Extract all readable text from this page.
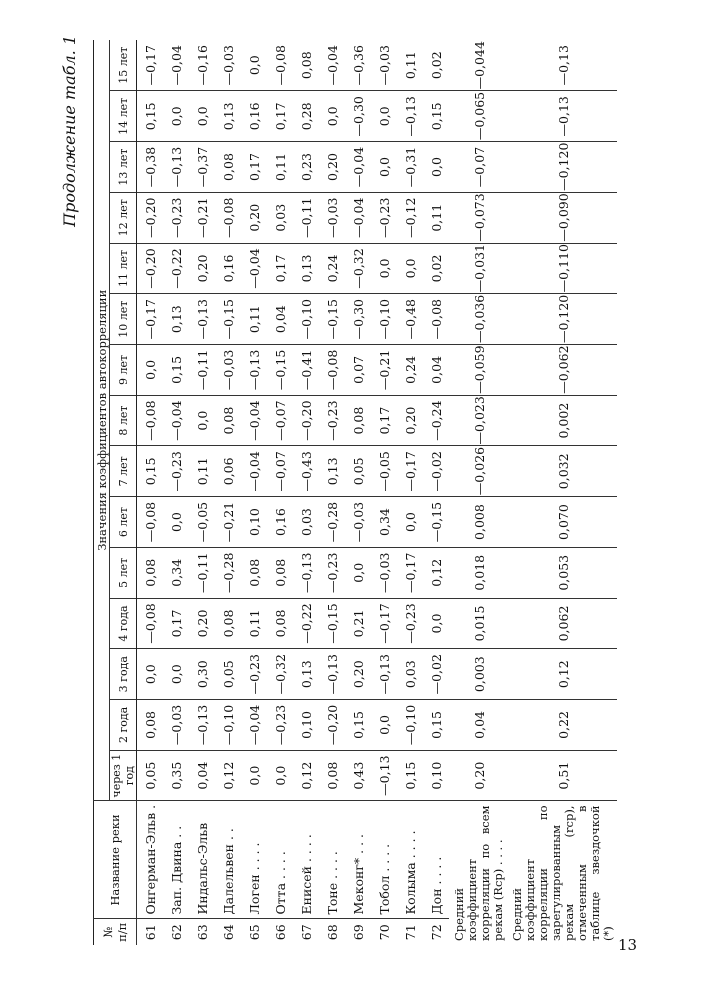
Продолжение табл. 1
№ п/п	Название реки	Значения коэффициентов автокорреляции														
		через 1 год	2 года	3 года	4 года	5 лет	6 лет	7 лет	8 лет	9 лет	10 лет	11 лет	12 лет	13 лет	14 лет	15 лет
61	Онгерман-Эльв .	0,05	0,08	0,0	—0,08	0,08	—0,08	0,15	—0,08	0,0	—0,17	—0,20	—0,20	—0,38	0,15	—0,17
62	Зап. Двина . .	0,35	—0,03	0,0	0,17	0,34	0,0	—0,23	—0,04	0,15	0,13	—0,22	—0,23	—0,13	0,0	—0,04
63	Индальс-Эльв	0,04	—0,13	0,30	0,20	—0,11	—0,05	0,11	0,0	—0,11	—0,13	0,20	—0,21	—0,37	0,0	—0,16
64	Далельвен . .	0,12	—0,10	0,05	0,08	—0,28	—0,21	0,06	0,08	—0,03	—0,15	0,16	—0,08	0,08	0,13	—0,03
65	Логен . . . .	0,0	—0,04	—0,23	0,11	0,08	0,10	—0,04	—0,04	—0,13	0,11	—0,04	0,20	0,17	0,16	0,0
66	Отта . . . .	0,0	—0,23	—0,32	0,08	0,08	0,16	—0,07	—0,07	—0,15	0,04	0,17	0,03	0,11	0,17	—0,08
67	Енисей . . . .	0,12	0,10	0,13	—0,22	—0,13	0,03	—0,43	—0,20	—0,41	—0,10	0,13	—0,11	0,23	0,28	0,08
68	Тоне . . . .	0,08	—0,20	—0,13	—0,15	—0,23	—0,28	0,13	—0,23	—0,08	—0,15	0,24	—0,03	0,20	0,0	—0,04
69	Меконг* . . .	0,43	0,15	0,20	0,21	0,0	—0,03	0,05	0,08	0,07	—0,30	—0,32	—0,04	—0,04	—0,30	—0,36
70	Тобол . . . .	—0,13	0,0	—0,13	—0,17	—0,03	0,34	—0,05	0,17	—0,21	—0,10	0,0	—0,23	0,0	0,0	—0,03
71	Колыма . . . .	0,15	—0,10	0,03	—0,23	—0,17	0,0	—0,17	0,20	0,24	—0,48	0,0	—0,12	—0,31	—0,13	0,11
72	Дон . . . .	0,10	0,15	—0,02	0,0	0,12	—0,15	—0,02	—0,24	0,04	—0,08	0,02	0,11	0,0	0,15	0,02
Средний коэффициент корреляции по всем рекам (Rср) . . . .		0,20	0,04	0,003	0,015	0,018	0,008	—0,026	—0,023	—0,059	—0,036	—0,031	—0,073	—0,07	—0,065	—0,044
Средний коэффициент корреляции по зарегулированным рекам (rср), отмеченным в таблице звездочкой (*)		0,51	0,22	0,12	0,062	0,053	0,070	0,032	0,002	—0,062	—0,120	—0,110	—0,090	—0,120	—0,13	—0,13
13
